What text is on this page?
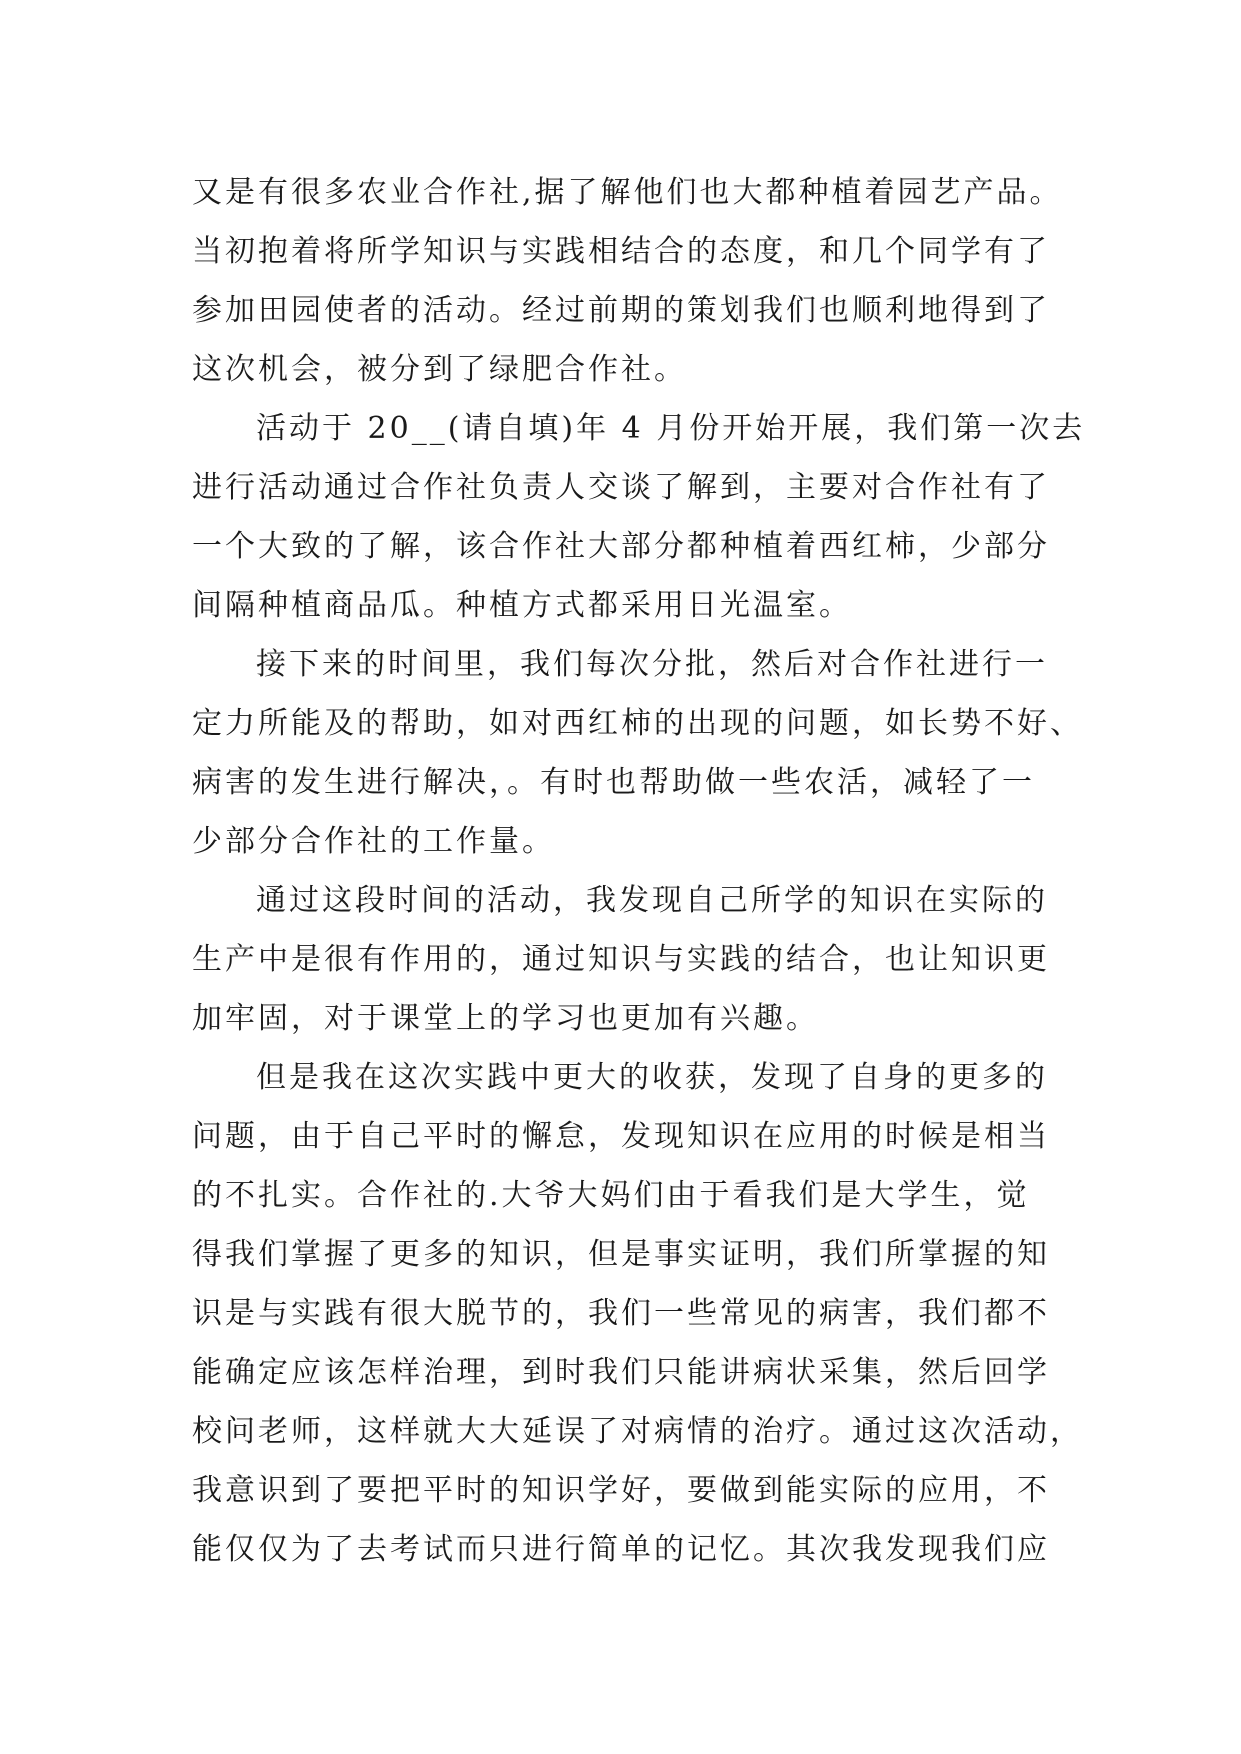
又是有很多农业合作社,据了解他们也大都种植着园艺产品。
当初抱着将所学知识与实践相结合的态度，和几个同学有了
参加田园使者的活动。经过前期的策划我们也顺利地得到了
这次机会，被分到了绿肥合作社。
活动于 20__(请自填)年 4 月份开始开展，我们第一次去
进行活动通过合作社负责人交谈了解到，主要对合作社有了
一个大致的了解，该合作社大部分都种植着西红柿，少部分
间隔种植商品瓜。种植方式都采用日光温室。
接下来的时间里，我们每次分批，然后对合作社进行一
定力所能及的帮助，如对西红柿的出现的问题，如长势不好、
病害的发生进行解决，。有时也帮助做一些农活，减轻了一
少部分合作社的工作量。
通过这段时间的活动，我发现自己所学的知识在实际的
生产中是很有作用的，通过知识与实践的结合，也让知识更
加牢固，对于课堂上的学习也更加有兴趣。
但是我在这次实践中更大的收获，发现了自身的更多的
问题，由于自己平时的懈怠，发现知识在应用的时候是相当
的不扎实。合作社的.大爷大妈们由于看我们是大学生，觉
得我们掌握了更多的知识，但是事实证明，我们所掌握的知
识是与实践有很大脱节的，我们一些常见的病害，我们都不
能确定应该怎样治理，到时我们只能讲病状采集，然后回学
校问老师，这样就大大延误了对病情的治疗。通过这次活动，
我意识到了要把平时的知识学好，要做到能实际的应用，不
能仅仅为了去考试而只进行简单的记忆。其次我发现我们应
